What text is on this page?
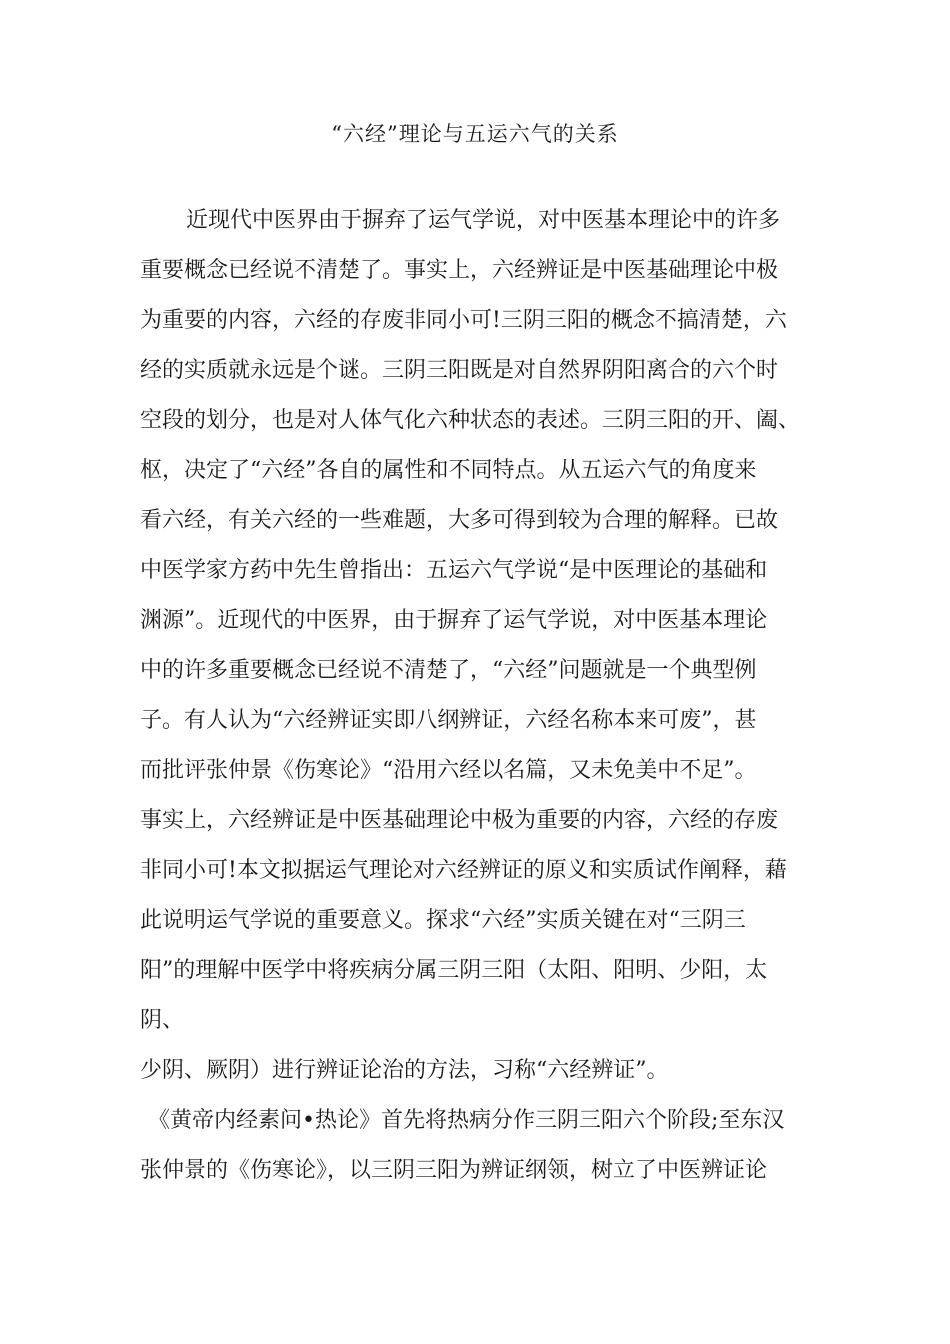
“六经”理论与五运六气的关系
近现代中医界由于摒弃了运气学说，对中医基本理论中的许多
重要概念已经说不清楚了。事实上，六经辨证是中医基础理论中极
为重要的内容，六经的存废非同小可!三阴三阳的概念不搞清楚，六
经的实质就永远是个谜。三阴三阳既是对自然界阴阳离合的六个时
空段的划分，也是对人体气化六种状态的表述。三阴三阳的开、阖、
枢，决定了“六经”各自的属性和不同特点。从五运六气的角度来
看六经，有关六经的一些难题，大多可得到较为合理的解释。已故
中医学家方药中先生曾指出：五运六气学说“是中医理论的基础和
渊源”。近现代的中医界，由于摒弃了运气学说，对中医基本理论
中的许多重要概念已经说不清楚了，“六经”问题就是一个典型例
子。有人认为“六经辨证实即八纲辨证，六经名称本来可废”，甚
而批评张仲景《伤寒论》“沿用六经以名篇，又未免美中不足”。
事实上，六经辨证是中医基础理论中极为重要的内容，六经的存废
非同小可!本文拟据运气理论对六经辨证的原义和实质试作阐释，藉
此说明运气学说的重要意义。探求“六经”实质关键在对“三阴三
阳”的理解中医学中将疾病分属三阴三阳（太阳、阳明、少阳，太
阴、
少阴、厥阴）进行辨证论治的方法，习称“六经辨证”。
《黄帝内经素问•热论》首先将热病分作三阴三阳六个阶段;至东汉
张仲景的《伤寒论》，以三阴三阳为辨证纲领，树立了中医辨证论
